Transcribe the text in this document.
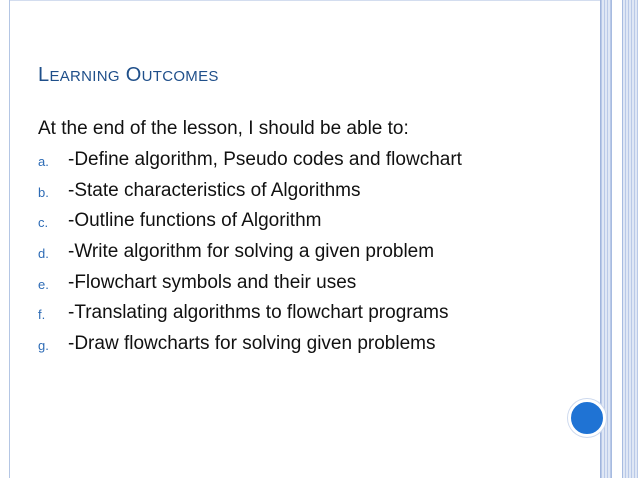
LEARNING OUTCOMES
At the end of the lesson, I should be able to:
a. -Define algorithm, Pseudo codes and flowchart
b. -State characteristics of Algorithms
c. -Outline functions of Algorithm
d. -Write algorithm for solving a given problem
e. -Flowchart symbols and their uses
f. -Translating algorithms to flowchart programs
g. -Draw flowcharts for solving given problems
